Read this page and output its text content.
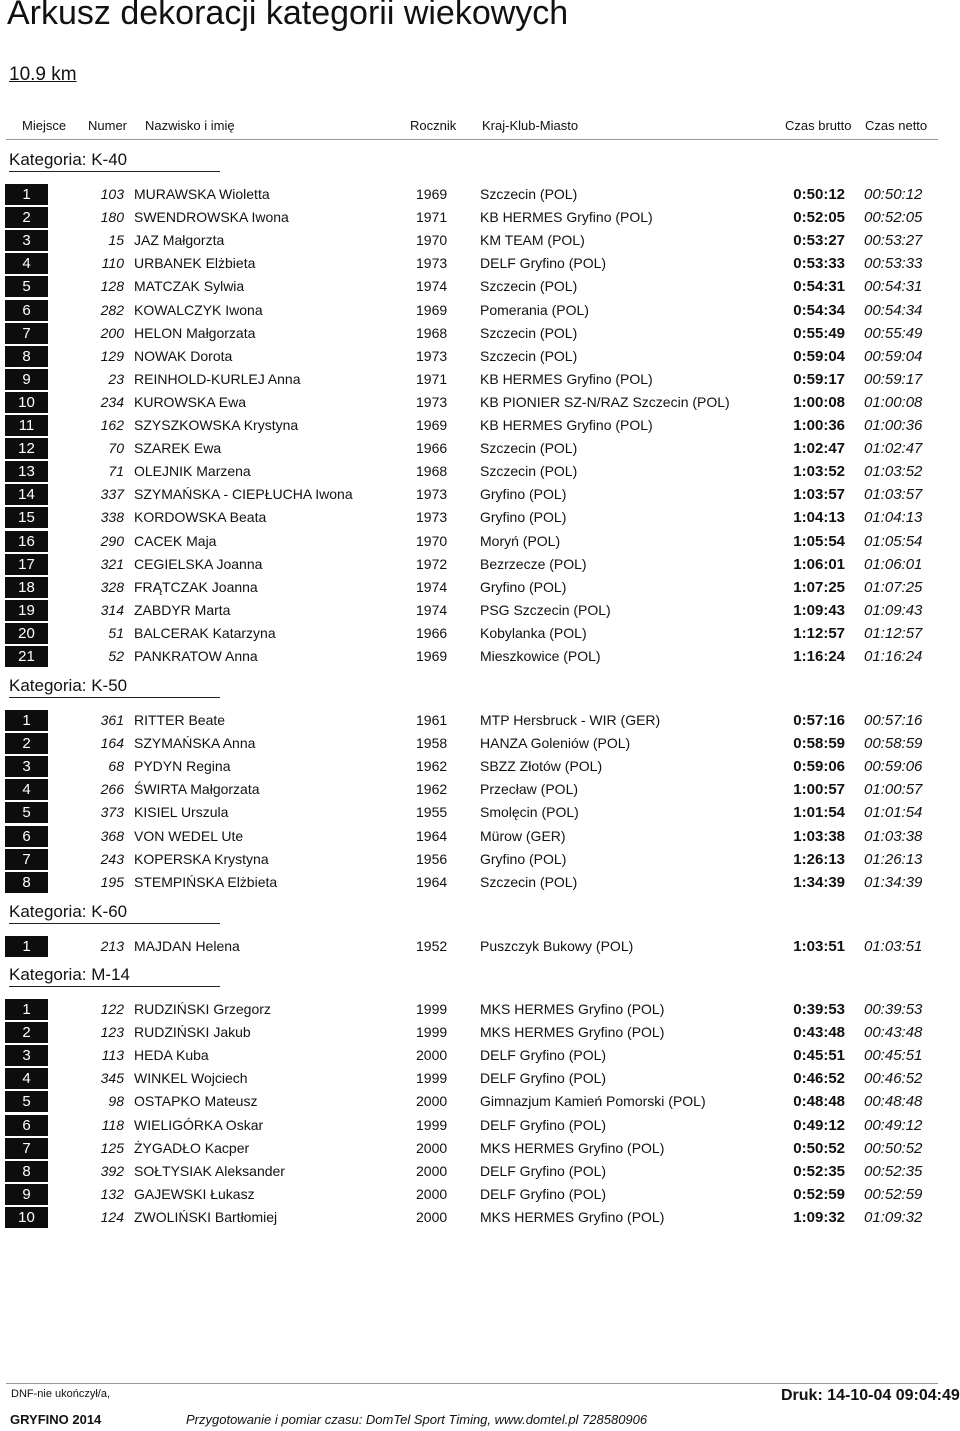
Arkusz dekoracji kategorii wiekowych
10.9 km
Miejsce Numer Nazwisko i imię	Rocznik Kraj-Klub-Miasto	Czas brutto Czas netto
Kategoria: K-40
1	103 MURAWSKA Wioletta	1969 Szczecin (POL)	0:50:12 00:50:12
2	180 SWENDROWSKA Iwona	1971 KB HERMES Gryfino (POL)	0:52:05 00:52:05
3	15 JAZ Małgorzta	1970 KM TEAM (POL)	0:53:27 00:53:27
4	110 URBANEK Elżbieta	1973 DELF Gryfino (POL)	0:53:33 00:53:33
5	128 MATCZAK Sylwia	1974 Szczecin (POL)	0:54:31 00:54:31
6	282 KOWALCZYK Iwona	1969 Pomerania (POL)	0:54:34 00:54:34
7	200 HELON Małgorzata	1968 Szczecin (POL)	0:55:49 00:55:49
8	129 NOWAK Dorota	1973 Szczecin (POL)	0:59:04 00:59:04
9	23 REINHOLD-KURLEJ Anna	1971 KB HERMES Gryfino (POL)	0:59:17 00:59:17
10	234 KUROWSKA Ewa	1973 KB PIONIER SZ-N/RAZ Szczecin (POL)	1:00:08 01:00:08
11	162 SZYSZKOWSKA Krystyna	1969 KB HERMES Gryfino (POL)	1:00:36 01:00:36
12	70 SZAREK Ewa	1966 Szczecin (POL)	1:02:47 01:02:47
13	71 OLEJNIK Marzena	1968 Szczecin (POL)	1:03:52 01:03:52
14	337 SZYMAŃSKA - CIEPŁUCHA Iwona	1973 Gryfino (POL)	1:03:57 01:03:57
15	338 KORDOWSKA Beata	1973 Gryfino (POL)	1:04:13 01:04:13
16	290 CACEK Maja	1970 Moryń (POL)	1:05:54 01:05:54
17	321 CEGIELSKA Joanna	1972 Bezrzecze (POL)	1:06:01 01:06:01
18	328 FRĄTCZAK Joanna	1974 Gryfino (POL)	1:07:25 01:07:25
19	314 ZABDYR Marta	1974 PSG Szczecin (POL)	1:09:43 01:09:43
20	51 BALCERAK Katarzyna	1966 Kobylanka (POL)	1:12:57 01:12:57
21	52 PANKRATOW Anna	1969 Mieszkowice (POL)	1:16:24 01:16:24
Kategoria: K-50
1	361 RITTER Beate	1961 MTP Hersbruck - WIR (GER)	0:57:16 00:57:16
2	164 SZYMAŃSKA Anna	1958 HANZA Goleniów (POL)	0:58:59 00:58:59
3	68 PYDYN Regina	1962 SBZZ Złotów (POL)	0:59:06 00:59:06
4	266 ŚWIRTA Małgorzata	1962 Przecław (POL)	1:00:57 01:00:57
5	373 KISIEL Urszula	1955 Smolęcin (POL)	1:01:54 01:01:54
6	368 VON WEDEL Ute	1964 Mürow (GER)	1:03:38 01:03:38
7	243 KOPERSKA Krystyna	1956 Gryfino (POL)	1:26:13 01:26:13
8	195 STEMPIŃSKA Elżbieta	1964 Szczecin (POL)	1:34:39 01:34:39
Kategoria: K-60
1	213 MAJDAN Helena	1952 Puszczyk Bukowy (POL)	1:03:51 01:03:51
Kategoria: M-14
1	122 RUDZIŃSKI Grzegorz	1999 MKS HERMES Gryfino (POL)	0:39:53 00:39:53
2	123 RUDZIŃSKI Jakub	1999 MKS HERMES Gryfino (POL)	0:43:48 00:43:48
3	113 HEDA Kuba	2000 DELF Gryfino (POL)	0:45:51 00:45:51
4	345 WINKEL Wojciech	1999 DELF Gryfino (POL)	0:46:52 00:46:52
5	98 OSTAPKO Mateusz	2000 Gimnazjum Kamień Pomorski (POL)	0:48:48 00:48:48
6	118 WIELIGÓRKA Oskar	1999 DELF Gryfino (POL)	0:49:12 00:49:12
7	125 ŻYGADŁO Kacper	2000 MKS HERMES Gryfino (POL)	0:50:52 00:50:52
8	392 SOŁTYSIAK Aleksander	2000 DELF Gryfino (POL)	0:52:35 00:52:35
9	132 GAJEWSKI Łukasz	2000 DELF Gryfino (POL)	0:52:59 00:52:59
10	124 ZWOLIŃSKI Bartłomiej	2000 MKS HERMES Gryfino (POL)	1:09:32 01:09:32
DNF-nie ukończył/a,	Druk: 14-10-04 09:04:49
GRYFINO 2014	Przygotowanie i pomiar czasu: DomTel Sport Timing, www.domtel.pl 728580906
